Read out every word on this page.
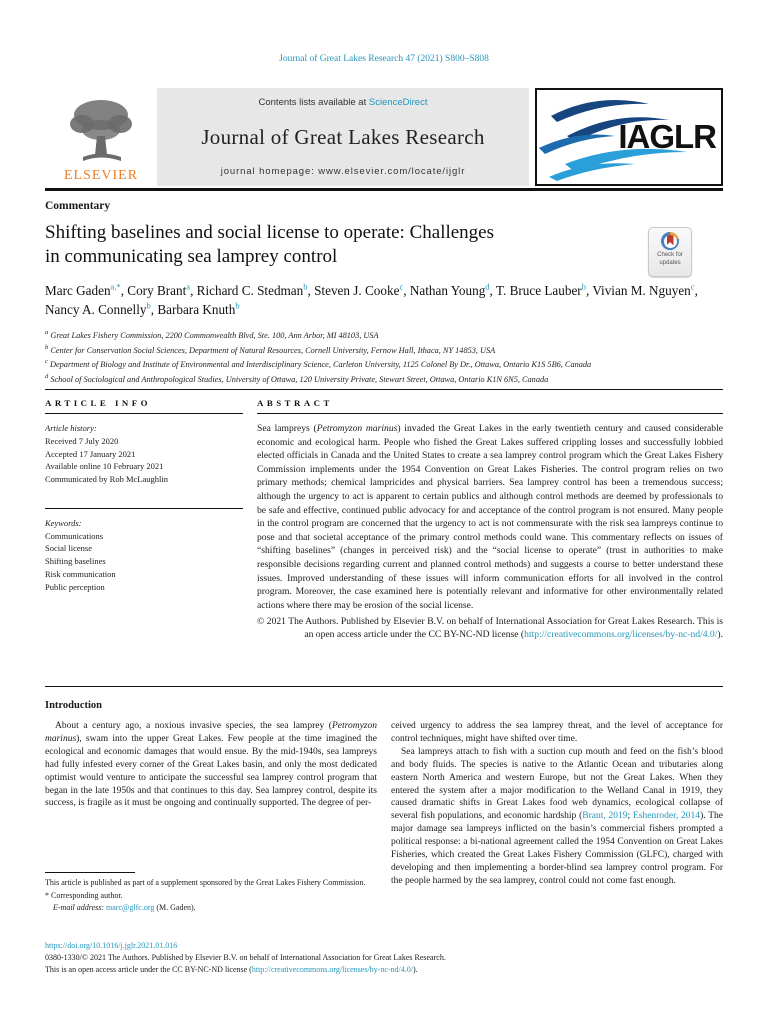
Journal of Great Lakes Research 47 (2021) S800–S808
ELSEVIER
Contents lists available at ScienceDirect
Journal of Great Lakes Research
journal homepage: www.elsevier.com/locate/ijglr
IAGLR
Commentary
Shifting baselines and social license to operate: Challenges
in communicating sea lamprey control	Check for updates
Marc Gaden$^{a,*}$, Cory Brant$^a$, Richard C. Stedman$^b$, Steven J. Cooke$^c$, Nathan Young$^d$, T. Bruce Lauber$^b$, Vivian M. Nguyen$^c$, Nancy A. Connelly$^b$, Barbara Knuth$^b$
$^a$ Great Lakes Fishery Commission, 2200 Commonwealth Blvd, Ste. 100, Ann Arbor, MI 48103, USA
$^b$ Center for Conservation Social Sciences, Department of Natural Resources, Cornell University, Fernow Hall, Ithaca, NY 14853, USA
$^c$ Department of Biology and Institute of Environmental and Interdisciplinary Science, Carleton University, 1125 Colonel By Dr., Ottawa, Ontario K1S 5B6, Canada
$^d$ School of Sociological and Anthropological Studies, University of Ottawa, 120 University Private, Stewart Street, Ottawa, Ontario K1N 6N5, Canada
ARTICLE INFO
Article history:
Received 7 July 2020
Accepted 17 January 2021
Available online 10 February 2021
Communicated by Rob McLaughlin
Keywords:
Communications
Social license
Shifting baselines
Risk communication
Public perception
ABSTRACT

Sea lampreys (Petromyzon marinus) invaded the Great Lakes in the early twentieth century and caused considerable economic and ecological harm. People who fished the Great Lakes suffered crippling losses and successfully lobbied elected officials in Canada and the United States to create a sea lamprey control program which the Great Lakes Fishery Commission implements under the 1954 Convention on Great Lakes Fisheries. The control program relies on two primary methods; chemical lampricides and physical barriers. Sea lamprey control has been a tremendous success; although the urgency to act is apparent to certain publics and although control methods are deemed by professionals to be safe and effective, continued public advocacy for and acceptance of the control program is not ensured. Many people in the control program are concerned that the urgency to act is not commensurate with the risk sea lampreys continue to pose and that societal acceptance of the primary control methods could wane. This commentary reflects on issues of “shifting baselines” (changes in perceived risk) and the “social license to operate” (trust in authorities to make responsible decisions regarding current and planned control methods) and suggests a course to better understand these issues. Improved understanding of these issues will inform communication efforts for all involved in the control program. Moreover, the case examined here is potentially relevant and informative for other environmentally related actions where there may be erosion of the social license.

© 2021 The Authors. Published by Elsevier B.V. on behalf of International Association for Great Lakes Research. This is an open access article under the CC BY-NC-ND license (http://creativecommons.org/licenses/by-nc-nd/4.0/).
Introduction

About a century ago, a noxious invasive species, the sea lamprey (Petromyzon marinus), swam into the upper Great Lakes. Few people at the time imagined the ecological and economic damages that would ensue. By the mid-1940s, sea lampreys had fully infested every corner of the Great Lakes basin, and only the most dedicated optimist would venture to anticipate the successful sea lamprey control program that began in the late 1950s and that continues to this day. Sea lamprey control, despite its success, is fragile as it must be ongoing and continually supported. The degree of per-

ceived urgency to address the sea lamprey threat, and the level of acceptance for control techniques, might have shifted over time.

Sea lampreys attach to fish with a suction cup mouth and feed on the fish’s blood and body fluids. The species is native to the Atlantic Ocean and tributaries along eastern North America and western Europe, but not the Great Lakes. When they entered the system after a major modification to the Welland Canal in 1919, they caused dramatic shifts in Great Lakes food web dynamics, ecological collapse of several fish populations, and economic hardship (Brant, 2019; Eshenroder, 2014). The major damage sea lampreys inflicted on the basin’s commercial fishers prompted a political response: a bi-national agreement called the 1954 Convention on Great Lakes Fisheries, which created the Great Lakes Fishery Commission (GLFC), charged with developing and then implementing a border-blind sea lamprey control program. For the people harmed by the sea lamprey, control could not come fast enough.

This article is published as part of a supplement sponsored by the Great Lakes Fishery Commission.
* Corresponding author.
E-mail address: marc@glfc.org (M. Gaden).
https://doi.org/10.1016/j.jglr.2021.01.016
0380-1330/© 2021 The Authors. Published by Elsevier B.V. on behalf of International Association for Great Lakes Research.
This is an open access article under the CC BY-NC-ND license (http://creativecommons.org/licenses/by-nc-nd/4.0/).
